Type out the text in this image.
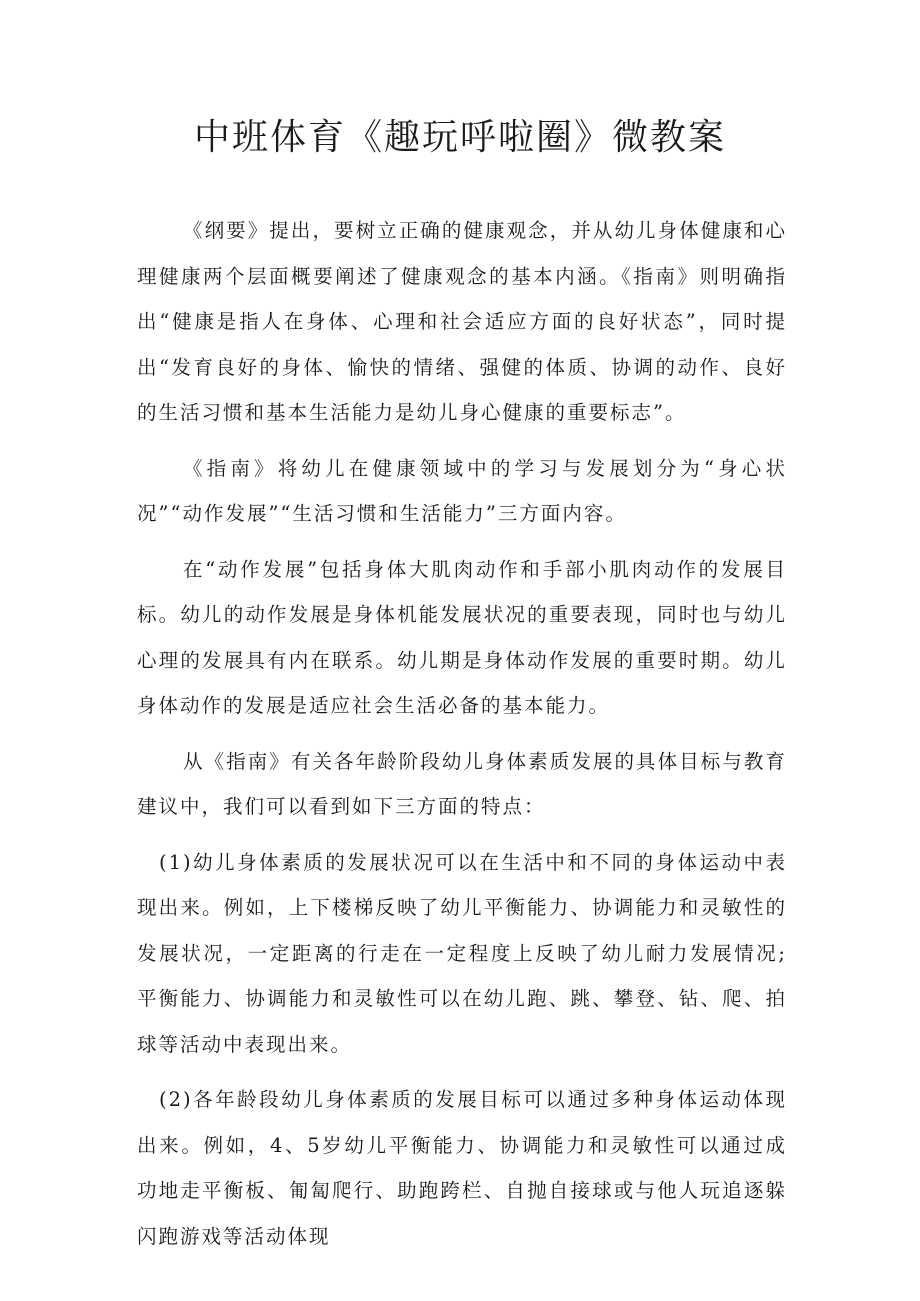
中班体育《趣玩呼啦圈》微教案

《纲要》提出，要树立正确的健康观念，并从幼儿身体健康和心理健康两个层面概要阐述了健康观念的基本内涵。《指南》则明确指出“健康是指人在身体、心理和社会适应方面的良好状态”，同时提出“发育良好的身体、愉快的情绪、强健的体质、协调的动作、良好的生活习惯和基本生活能力是幼儿身心健康的重要标志”。

《指南》将幼儿在健康领域中的学习与发展划分为“身心状况”“动作发展”“生活习惯和生活能力”三方面内容。

在“动作发展”包括身体大肌肉动作和手部小肌肉动作的发展目标。幼儿的动作发展是身体机能发展状况的重要表现，同时也与幼儿心理的发展具有内在联系。幼儿期是身体动作发展的重要时期。幼儿身体动作的发展是适应社会生活必备的基本能力。

从《指南》有关各年龄阶段幼儿身体素质发展的具体目标与教育建议中，我们可以看到如下三方面的特点：

(1)幼儿身体素质的发展状况可以在生活中和不同的身体运动中表现出来。例如，上下楼梯反映了幼儿平衡能力、协调能力和灵敏性的发展状况，一定距离的行走在一定程度上反映了幼儿耐力发展情况;平衡能力、协调能力和灵敏性可以在幼儿跑、跳、攀登、钻、爬、拍球等活动中表现出来。

(2)各年龄段幼儿身体素质的发展目标可以通过多种身体运动体现出来。例如，4、5岁幼儿平衡能力、协调能力和灵敏性可以通过成功地走平衡板、匍匐爬行、助跑跨栏、自抛自接球或与他人玩追逐躲闪跑游戏等活动体现
